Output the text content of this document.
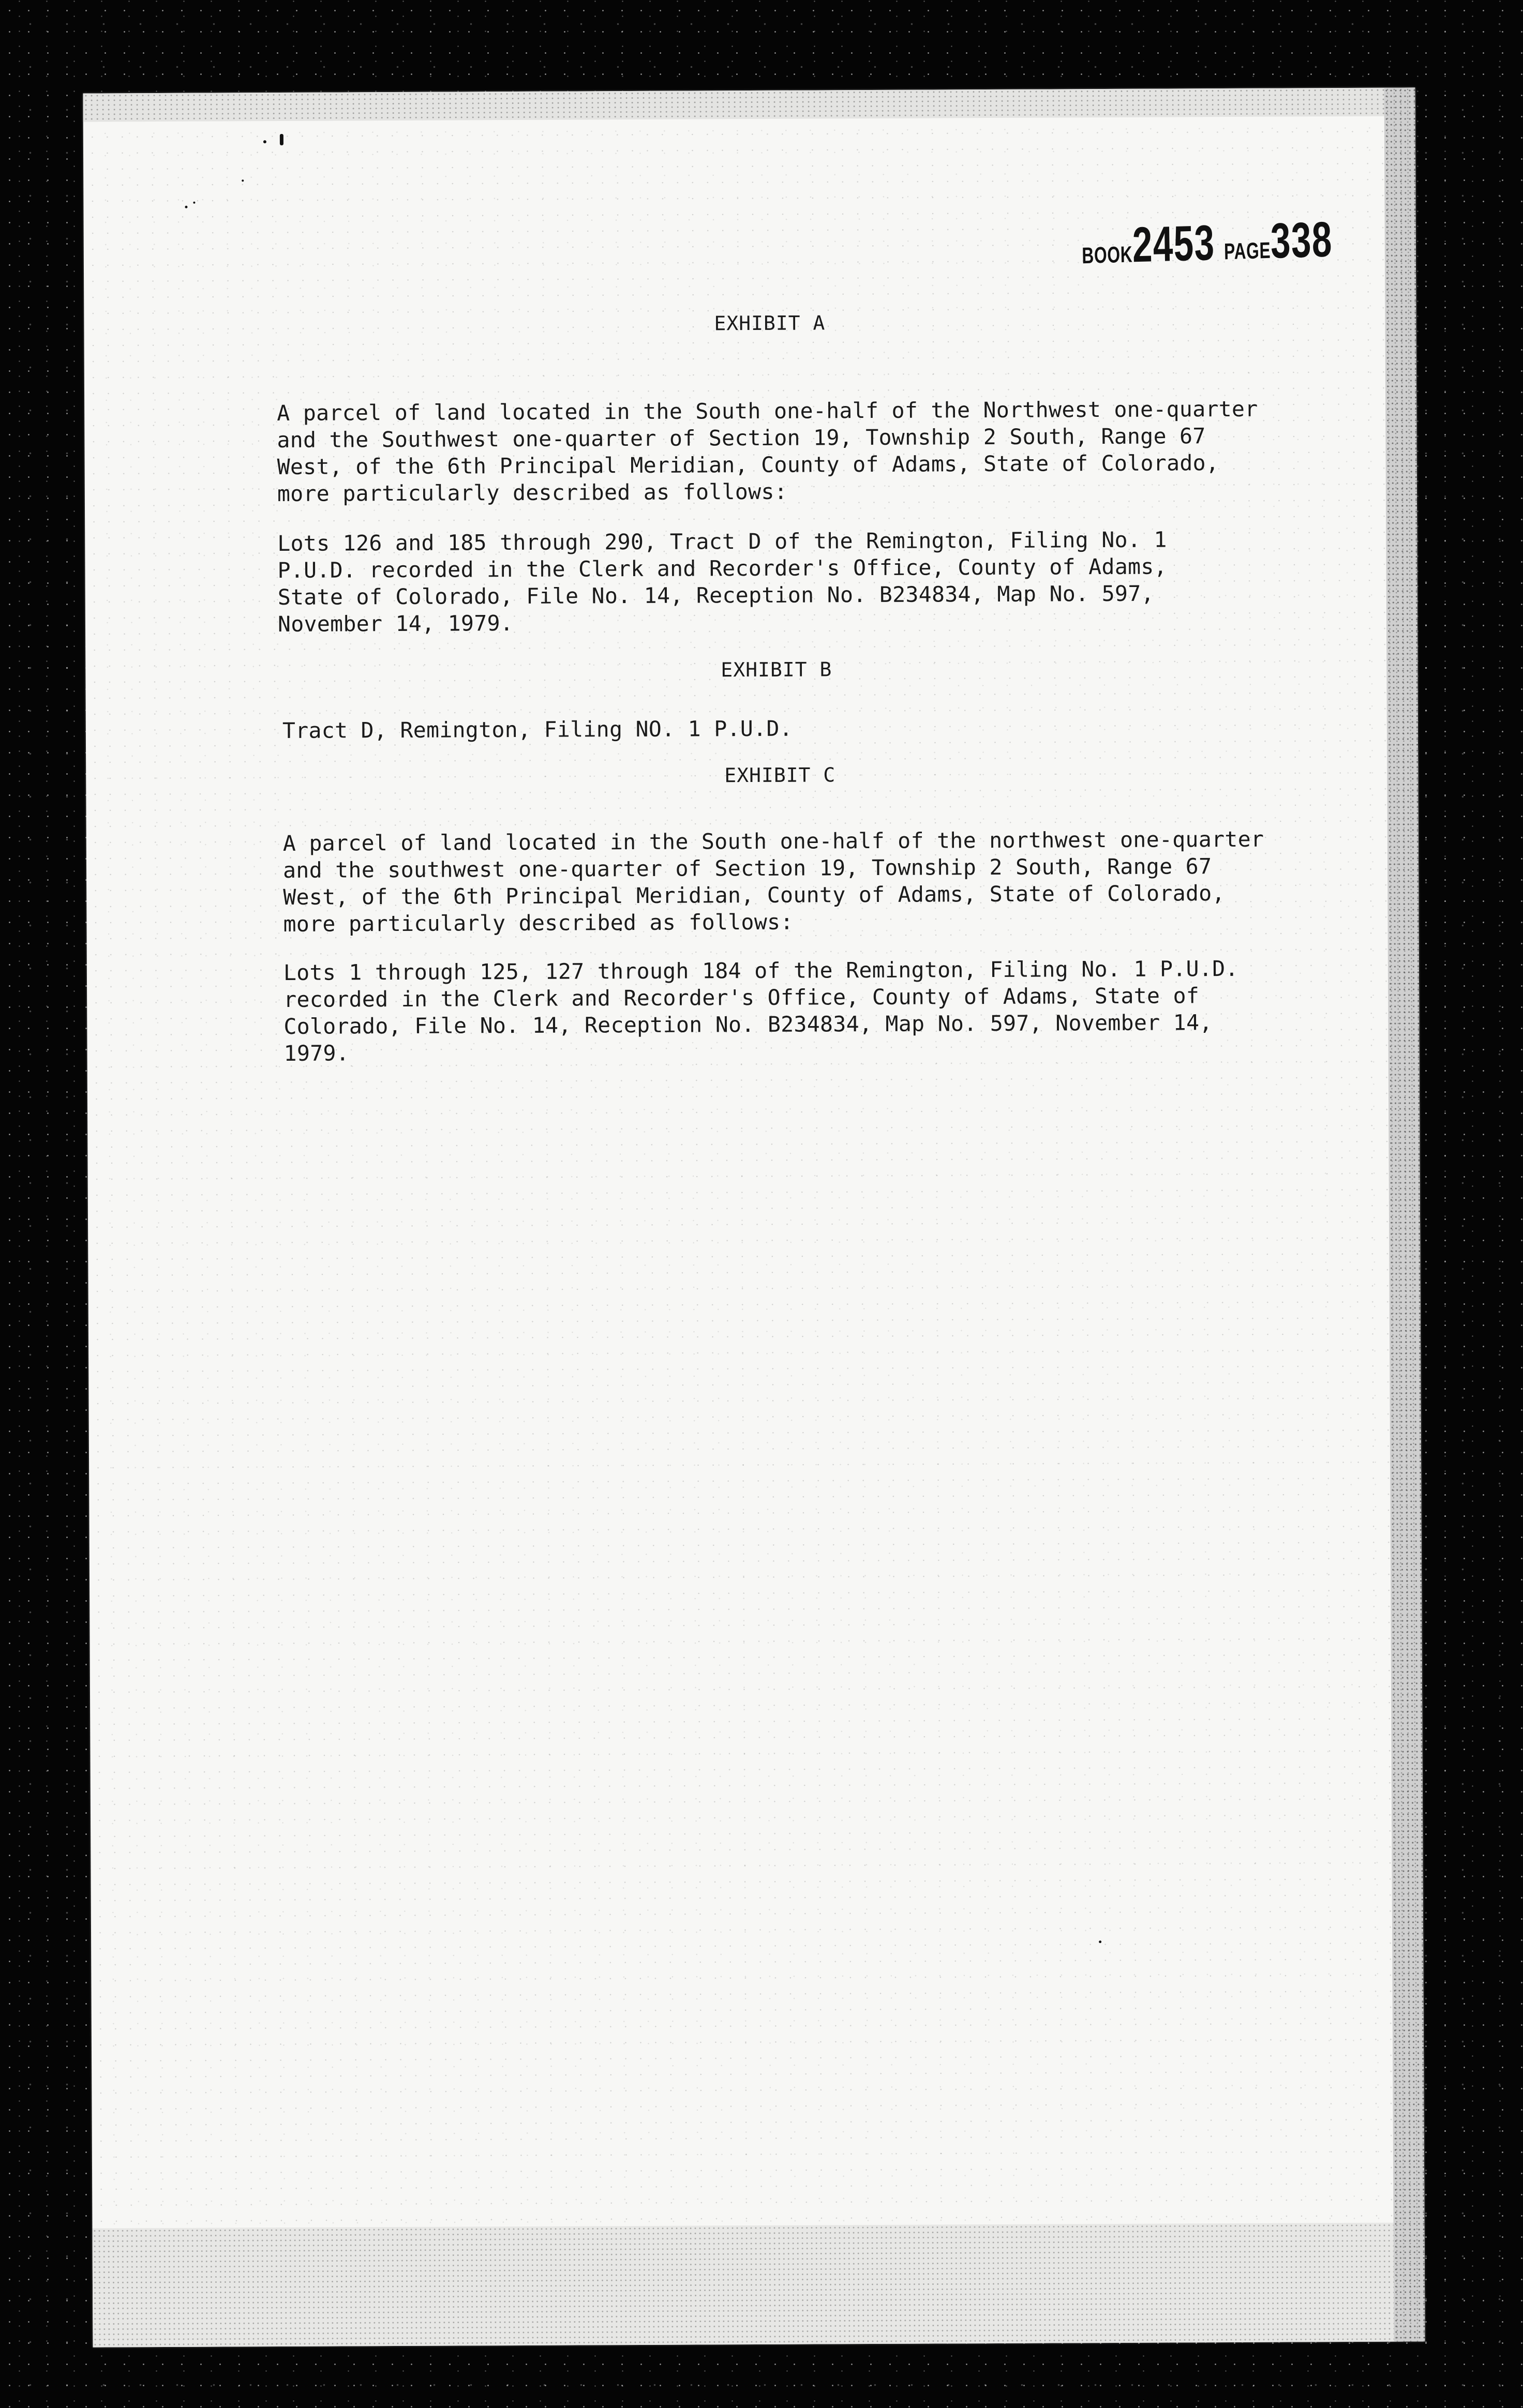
BOOK2453 PAGE338
EXHIBIT A
A parcel of land located in the South one-half of the Northwest one-quarter
and the Southwest one-quarter of Section 19, Township 2 South, Range 67
West, of the 6th Principal Meridian, County of Adams, State of Colorado,
more particularly described as follows:
Lots 126 and 185 through 290, Tract D of the Remington, Filing No. 1
P.U.D. recorded in the Clerk and Recorder's Office, County of Adams,
State of Colorado, File No. 14, Reception No. B234834, Map No. 597,
November 14, 1979.
EXHIBIT B
Tract D, Remington, Filing NO. 1 P.U.D.
EXHIBIT C
A parcel of land located in the South one-half of the northwest one-quarter
and the southwest one-quarter of Section 19, Township 2 South, Range 67
West, of the 6th Principal Meridian, County of Adams, State of Colorado,
more particularly described as follows:
Lots 1 through 125, 127 through 184 of the Remington, Filing No. 1 P.U.D.
recorded in the Clerk and Recorder's Office, County of Adams, State of
Colorado, File No. 14, Reception No. B234834, Map No. 597, November 14,
1979.
